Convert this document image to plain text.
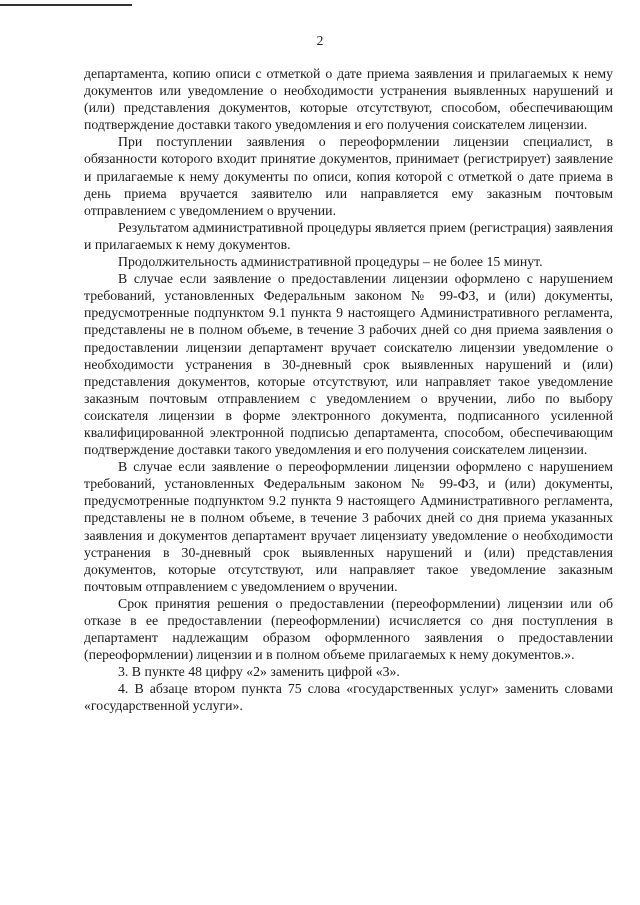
2

департамента, копию описи с отметкой о дате приема заявления и прилагаемых к нему документов или уведомление о необходимости устранения выявленных нарушений и (или) представления документов, которые отсутствуют, способом, обеспечивающим подтверждение доставки такого уведомления и его получения соискателем лицензии.

При поступлении заявления о переоформлении лицензии специалист, в обязанности которого входит принятие документов, принимает (регистрирует) заявление и прилагаемые к нему документы по описи, копия которой с отметкой о дате приема в день приема вручается заявителю или направляется ему заказным почтовым отправлением с уведомлением о вручении.

Результатом административной процедуры является прием (регистрация) заявления и прилагаемых к нему документов.

Продолжительность административной процедуры – не более 15 минут.

В случае если заявление о предоставлении лицензии оформлено с нарушением требований, установленных Федеральным законом № 99-ФЗ, и (или) документы, предусмотренные подпунктом 9.1 пункта 9 настоящего Административного регламента, представлены не в полном объеме, в течение 3 рабочих дней со дня приема заявления о предоставлении лицензии департамент вручает соискателю лицензии уведомление о необходимости устранения в 30-дневный срок выявленных нарушений и (или) представления документов, которые отсутствуют, или направляет такое уведомление заказным почтовым отправлением с уведомлением о вручении, либо по выбору соискателя лицензии в форме электронного документа, подписанного усиленной квалифицированной электронной подписью департамента, способом, обеспечивающим подтверждение доставки такого уведомления и его получения соискателем лицензии.

В случае если заявление о переоформлении лицензии оформлено с нарушением требований, установленных Федеральным законом № 99-ФЗ, и (или) документы, предусмотренные подпунктом 9.2 пункта 9 настоящего Административного регламента, представлены не в полном объеме, в течение 3 рабочих дней со дня приема указанных заявления и документов департамент вручает лицензиату уведомление о необходимости устранения в 30-дневный срок выявленных нарушений и (или) представления документов, которые отсутствуют, или направляет такое уведомление заказным почтовым отправлением с уведомлением о вручении.

Срок принятия решения о предоставлении (переоформлении) лицензии или об отказе в ее предоставлении (переоформлении) исчисляется со дня поступления в департамент надлежащим образом оформленного заявления о предоставлении (переоформлении) лицензии и в полном объеме прилагаемых к нему документов.».

3. В пункте 48 цифру «2» заменить цифрой «3».

4. В абзаце втором пункта 75 слова «государственных услуг» заменить словами «государственной услуги».
